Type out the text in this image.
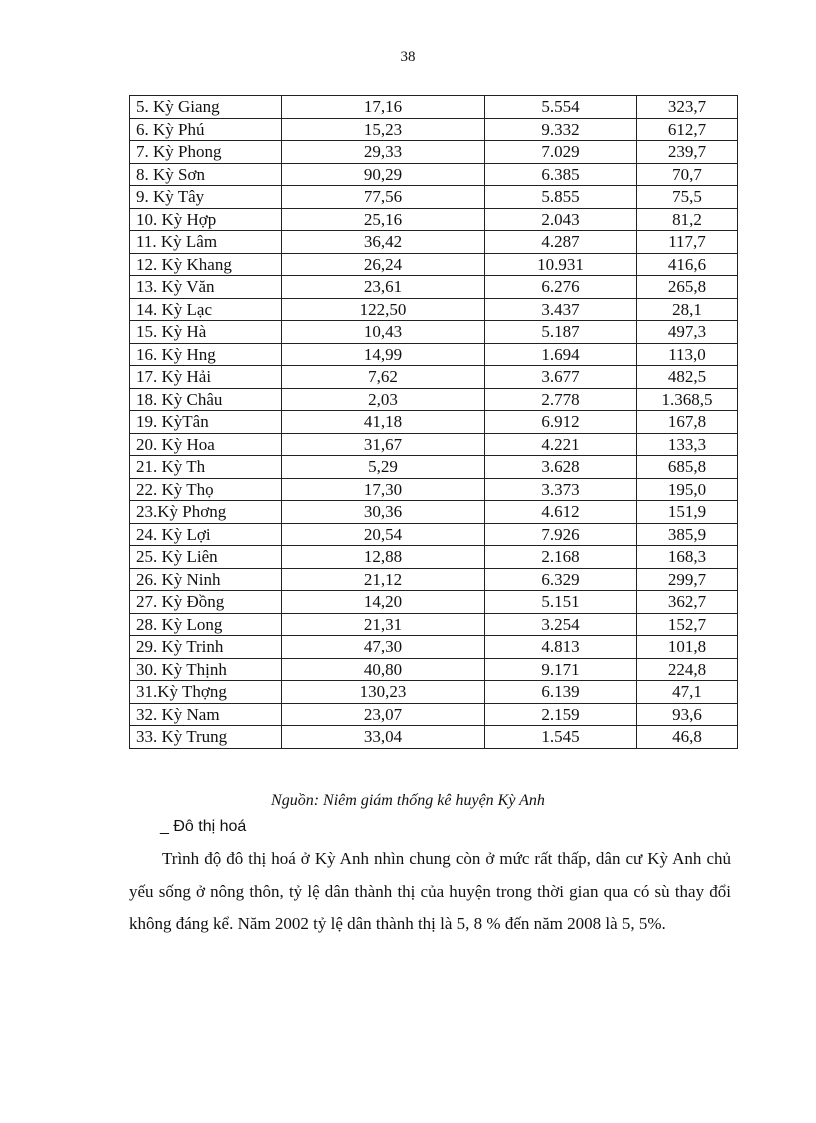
38
5. Kỳ Giang	17,16	5.554	323,7
6. Kỳ Phú	15,23	9.332	612,7
7. Kỳ Phong	29,33	7.029	239,7
8. Kỳ Sơn	90,29	6.385	70,7
9. Kỳ Tây	77,56	5.855	75,5
10. Kỳ Hợp	25,16	2.043	81,2
11. Kỳ Lâm	36,42	4.287	117,7
12. Kỳ Khang	26,24	10.931	416,6
13. Kỳ Văn	23,61	6.276	265,8
14. Kỳ Lạc	122,50	3.437	28,1
15. Kỳ Hà	10,43	5.187	497,3
16. Kỳ Hng	14,99	1.694	113,0
17. Kỳ Hải	7,62	3.677	482,5
18. Kỳ Châu	2,03	2.778	1.368,5
19. KỳTân	41,18	6.912	167,8
20. Kỳ Hoa	31,67	4.221	133,3
21. Kỳ Th	5,29	3.628	685,8
22. Kỳ Thọ	17,30	3.373	195,0
23.Kỳ Phơng	30,36	4.612	151,9
24. Kỳ Lợi	20,54	7.926	385,9
25. Kỳ Liên	12,88	2.168	168,3
26. Kỳ Ninh	21,12	6.329	299,7
27. Kỳ Đồng	14,20	5.151	362,7
28. Kỳ Long	21,31	3.254	152,7
29. Kỳ Trinh	47,30	4.813	101,8
30. Kỳ Thịnh	40,80	9.171	224,8
31.Kỳ Thợng	130,23	6.139	47,1
32. Kỳ Nam	23,07	2.159	93,6
33. Kỳ Trung	33,04	1.545	46,8
Nguồn: Niêm giám thống kê huyện Kỳ Anh
_ Đô thị hoá
Trình độ đô thị hoá ở Kỳ Anh nhìn chung còn ở mức rất thấp, dân cư Kỳ Anh chủ yếu sống ở nông thôn, tỷ lệ dân thành thị của huyện trong thời gian qua có sù thay đổi không đáng kể. Năm 2002 tỷ lệ dân thành thị là 5, 8 % đến năm 2008 là 5, 5%.
